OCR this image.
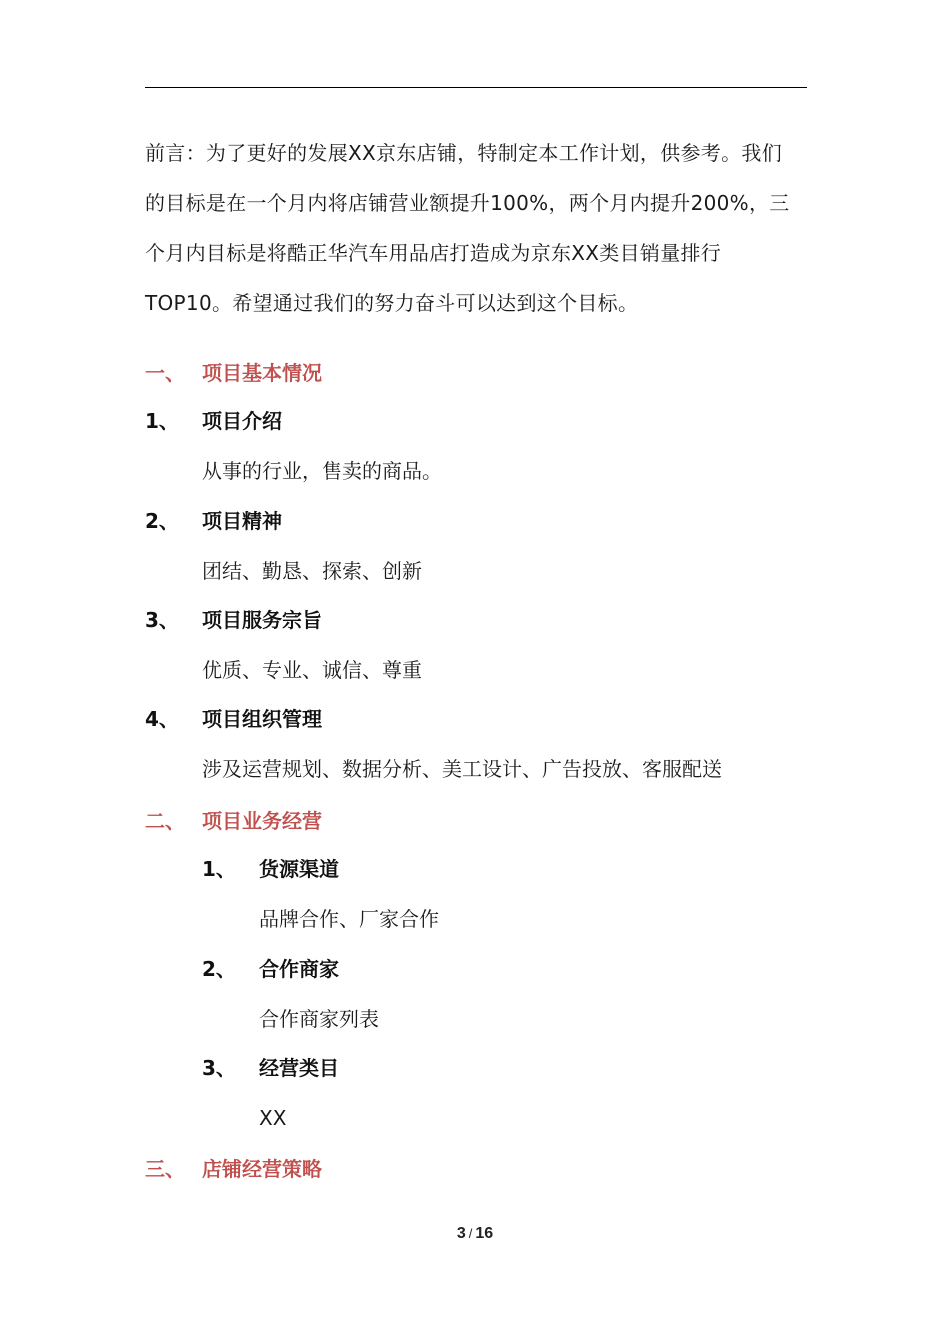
前言：为了更好的发展XX京东店铺，特制定本工作计划，供参考。我们的目标是在一个月内将店铺营业额提升100%，两个月内提升200%，三个月内目标是将酷正华汽车用品店打造成为京东XX类目销量排行TOP10。希望通过我们的努力奋斗可以达到这个目标。

一、 项目基本情况
1、 项目介绍
从事的行业，售卖的商品。
2、 项目精神
团结、勤恳、探索、创新
3、 项目服务宗旨
优质、专业、诚信、尊重
4、 项目组织管理
涉及运营规划、数据分析、美工设计、广告投放、客服配送
二、 项目业务经营
1、 货源渠道
品牌合作、厂家合作
2、 合作商家
合作商家列表
3、 经营类目
XX
三、 店铺经营策略
3 / 16
